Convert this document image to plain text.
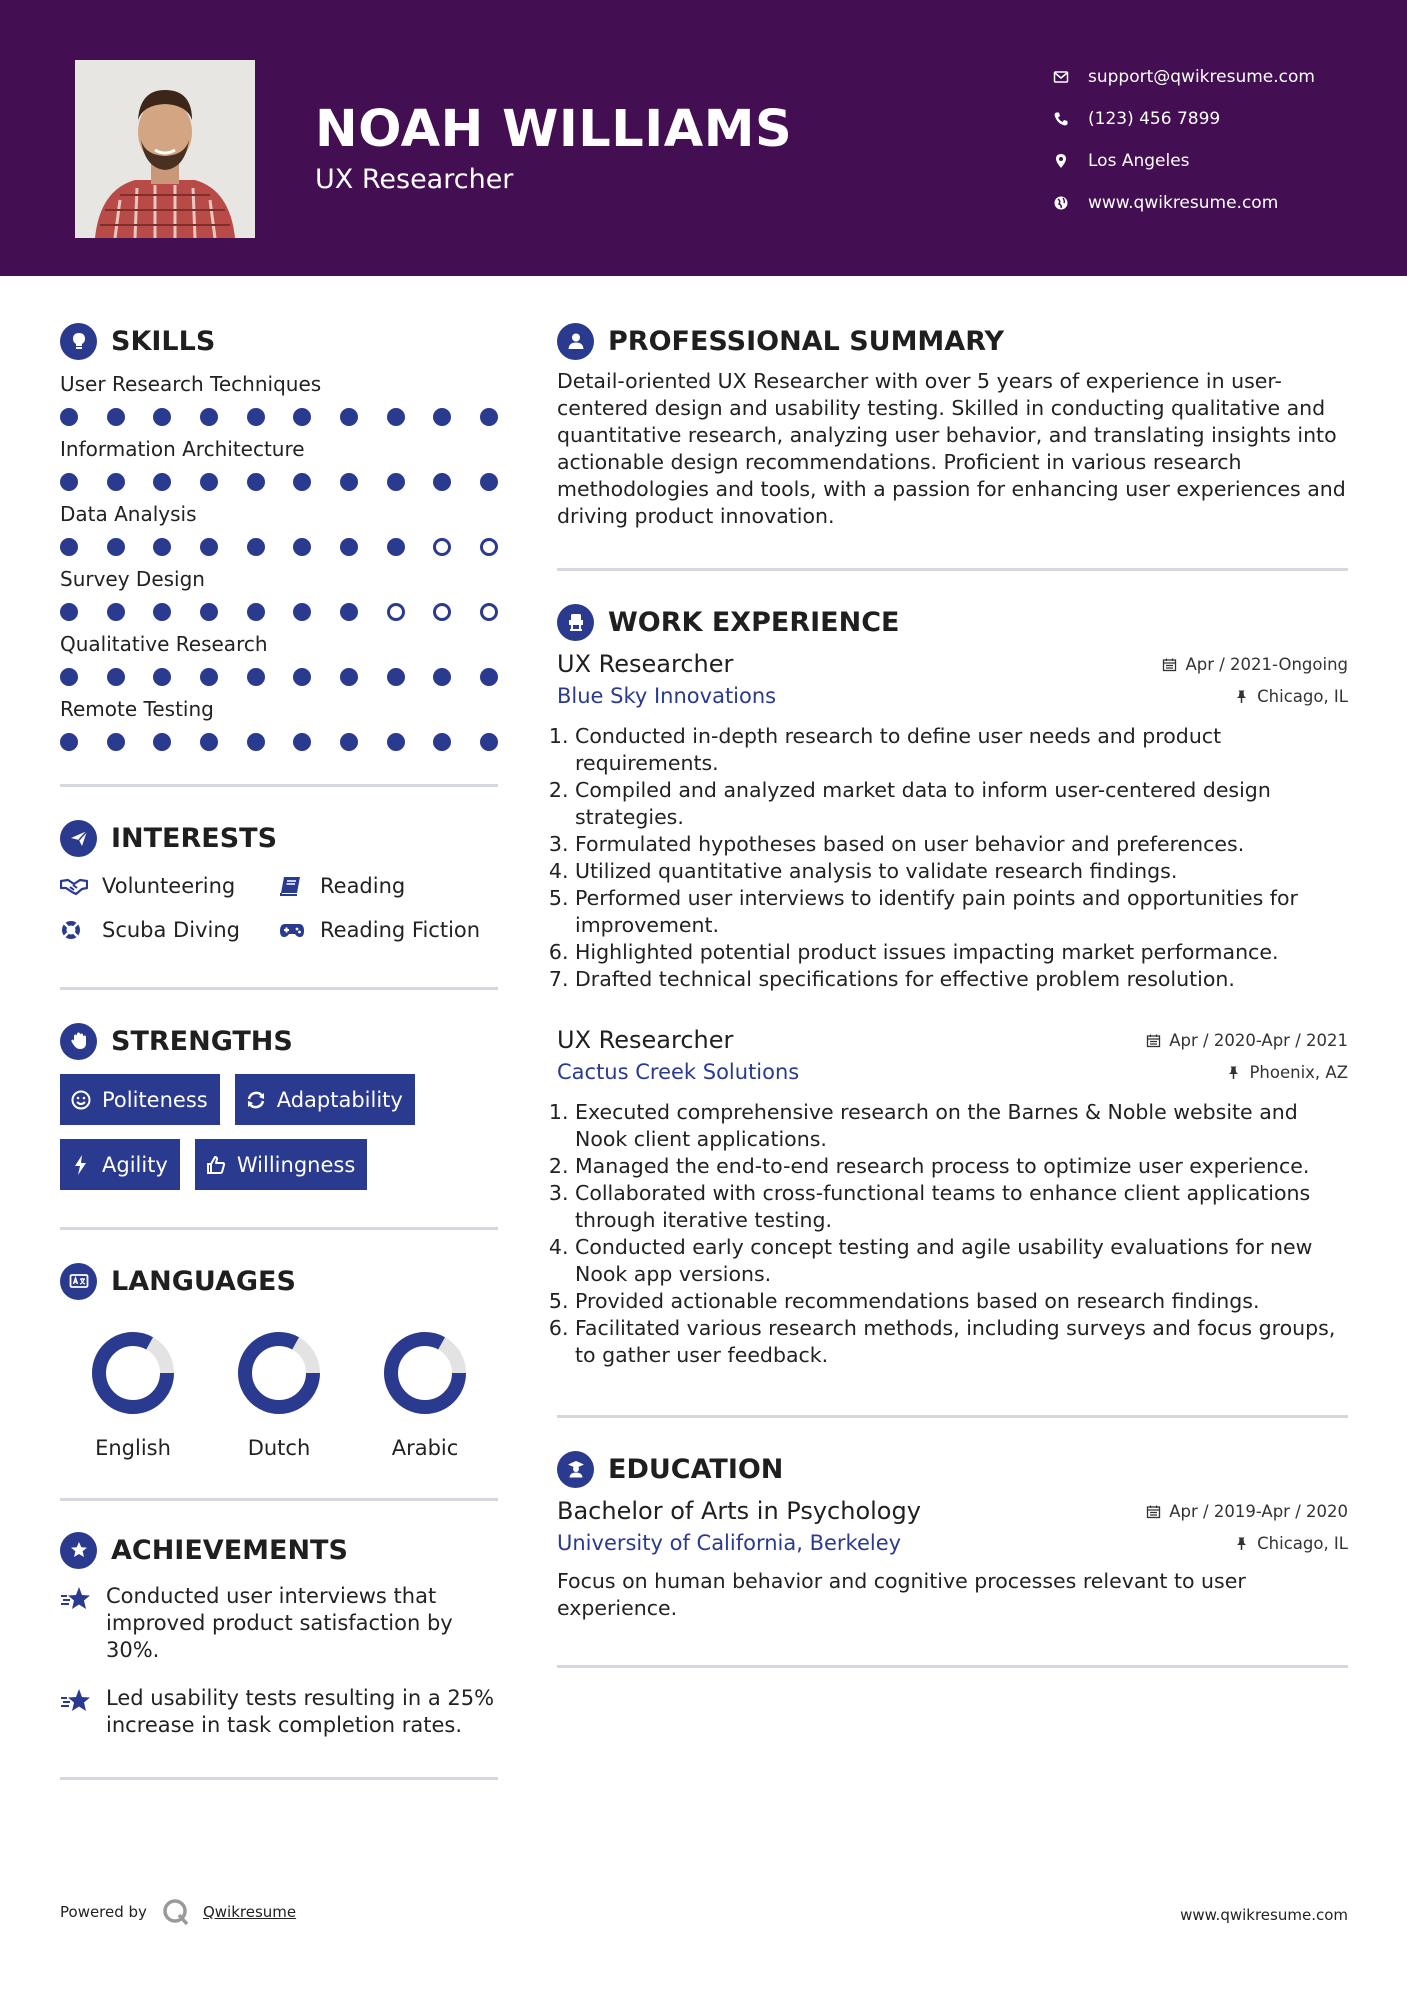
NOAH WILLIAMS
UX Researcher
support@qwikresume.com
(123) 456 7899
Los Angeles
www.qwikresume.com
SKILLS
User Research Techniques
Information Architecture
Data Analysis
Survey Design
Qualitative Research
Remote Testing
INTERESTS
Volunteering	Reading
Scuba Diving	Reading Fiction
STRENGTHS
Politeness	Adaptability
Agility	Willingness
LANGUAGES
English	Dutch	Arabic
ACHIEVEMENTS
Conducted user interviews that improved product satisfaction by 30%.
Led usability tests resulting in a 25% increase in task completion rates.
PROFESSIONAL SUMMARY

Detail-oriented UX Researcher with over 5 years of experience in user-centered design and usability testing. Skilled in conducting qualitative and quantitative research, analyzing user behavior, and translating insights into actionable design recommendations. Proficient in various research methodologies and tools, with a passion for enhancing user experiences and driving product innovation.

WORK EXPERIENCE
UX Researcher	Apr / 2021-Ongoing
Blue Sky Innovations	Chicago, IL
1. Conducted in-depth research to define user needs and product requirements.
2. Compiled and analyzed market data to inform user-centered design strategies.
3. Formulated hypotheses based on user behavior and preferences.
4. Utilized quantitative analysis to validate research findings.
5. Performed user interviews to identify pain points and opportunities for improvement.
6. Highlighted potential product issues impacting market performance.
7. Drafted technical specifications for effective problem resolution.
UX Researcher	Apr / 2020-Apr / 2021
Cactus Creek Solutions	Phoenix, AZ
1. Executed comprehensive research on the Barnes & Noble website and Nook client applications.
2. Managed the end-to-end research process to optimize user experience.
3. Collaborated with cross-functional teams to enhance client applications through iterative testing.
4. Conducted early concept testing and agile usability evaluations for new Nook app versions.
5. Provided actionable recommendations based on research findings.
6. Facilitated various research methods, including surveys and focus groups, to gather user feedback.
EDUCATION
Bachelor of Arts in Psychology	Apr / 2019-Apr / 2020
University of California, Berkeley	Chicago, IL

Focus on human behavior and cognitive processes relevant to user experience.

Powered by	Qwikresume	www.qwikresume.com
